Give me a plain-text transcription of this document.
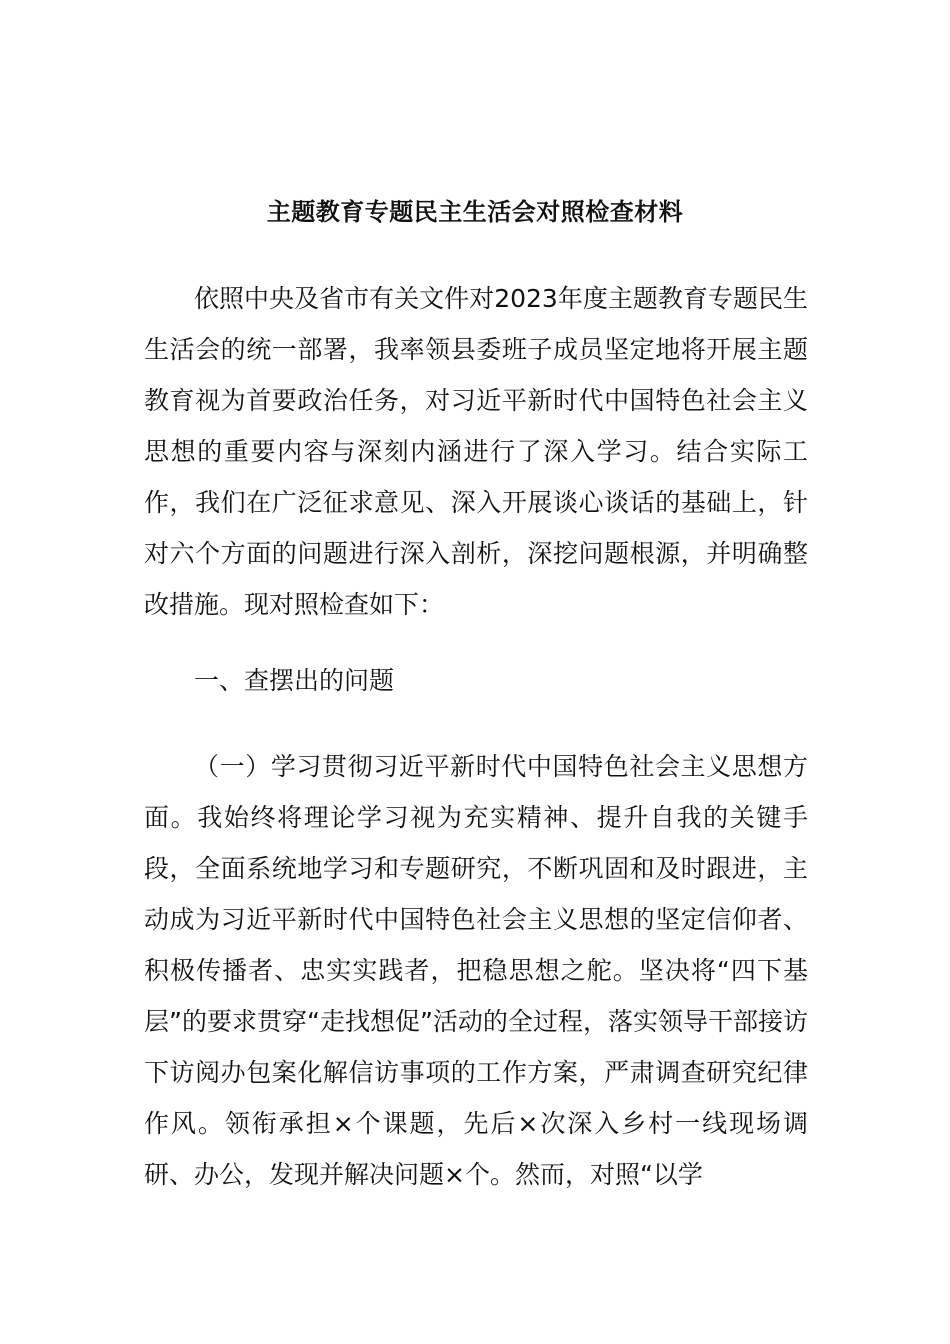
主题教育专题民主生活会对照检查材料

依照中央及省市有关文件对2023年度主题教育专题民生生活会的统一部署，我率领县委班子成员坚定地将开展主题教育视为首要政治任务，对习近平新时代中国特色社会主义思想的重要内容与深刻内涵进行了深入学习。结合实际工作，我们在广泛征求意见、深入开展谈心谈话的基础上，针对六个方面的问题进行深入剖析，深挖问题根源，并明确整改措施。现对照检查如下：

一、查摆出的问题

（一）学习贯彻习近平新时代中国特色社会主义思想方面。我始终将理论学习视为充实精神、提升自我的关键手段，全面系统地学习和专题研究，不断巩固和及时跟进，主动成为习近平新时代中国特色社会主义思想的坚定信仰者、积极传播者、忠实实践者，把稳思想之舵。坚决将“四下基层”的要求贯穿“走找想促”活动的全过程，落实领导干部接访下访阅办包案化解信访事项的工作方案，严肃调查研究纪律作风。领衔承担×个课题，先后×次深入乡村一线现场调研、办公，发现并解决问题×个。然而，对照“以学
